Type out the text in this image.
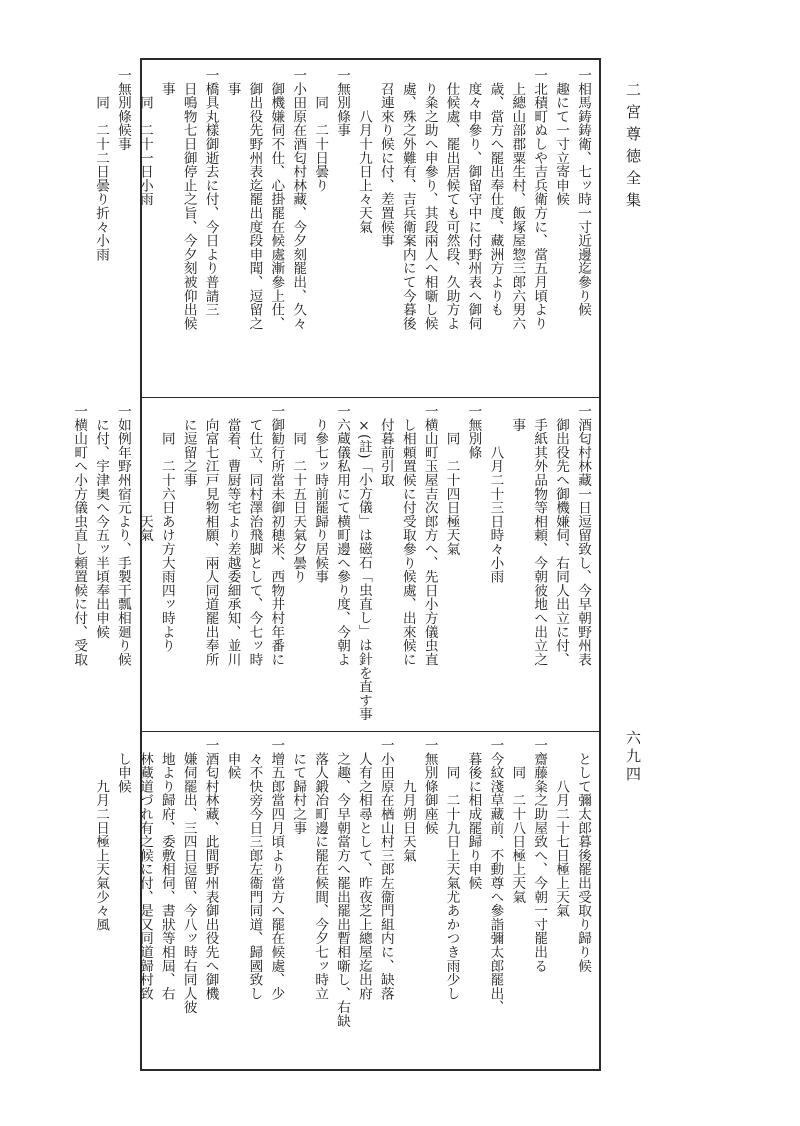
二宮尊徳全集
六九四
一相馬鋳鋳衛、七ッ時一寸近邊迄參り候
　趣にて一寸立寄申候
一北積町ぬしや吉兵衛方に、當五月頃より
　上總山部郡粟生村、飯塚屋惣三郎六男六
　歳、當方へ罷出奉仕度、藏洲方よりも
　度々申參り、御留守中に付野州表へ御伺
　仕候處、罷出居候ても可然段、久助方よ
　り粂之助へ申參り、其段兩人へ相噺し候
　處、殊之外難有、吉兵衛案内にて今暮後
　召連來り候に付、差置候事
　　　八月十九日上々天氣
一無別條事
　　同　二十日曇り
一小田原在酒匂村林藏、今夕刻罷出、久々
　御機嫌伺不仕、心掛罷在候處漸參上仕、
　御出役先野州表迄罷出度段申聞、逗留之
　事
一橋具丸樣御逝去に付、今日より普請三
　日鳴物七日御停止之旨、今夕刻被仰出候
　事
　　同　二十一日小雨
一無別條候事
　　同　二十二日曇り折々小雨
一酒匂村林藏一日逗留致し、今早朝野州表
　御出役先へ御機嫌伺、右同人出立に付、
　手紙其外品物等相頼、今朝彼地へ出立之
　事
　　　八月二十三日時々小雨
一無別條
　　同　二十四日極天氣
一横山町玉屋吉次郎方へ、先日小方儀虫直
　し相頼置候に付受取參り候處、出來候に
　付暮前引取
　×(註)「小方儀」は磁石「虫直し」は針を直す事
一六蔵儀私用にて横町邊へ參り度、今朝よ
　り參七ッ時前罷歸り居候事
　　同　二十五日天氣夕曇り
一御勧行所當未御初穂米、西物井村年番に
　て仕立、同村澤治飛脚として、今七ッ時
　當着、曹厨等宅より差越委細承知、並川
　向富七江戸見物相願、兩人同道罷出奉所
　に逗留之事
　　同　二十六日あけ方大雨四ッ時より
　　　　　　　　天氣
一如例年野州宿元より、手製干瓢相廻り候
　に付、宇津奥へ今五ッ半頃奉出申候
一横山町へ小方儀虫直し頼置候に付、受取
　として彌太郎暮後罷出受取り歸り候
　　　八月二十七日極上天氣
一齋藤粂之助屋致へ、今朝一寸罷出る
　　同　二十八日極上天氣
一今紋淺草藏前、不動尊へ參詣彌太郎罷出、
　暮後に相成罷歸り申候
　　同　二十九日上天氣尤あかつき雨少し
一無別條御座候
　　　九月朔日天氣
一小田原在楢山村三郎左衞門組内に、缺落
　人有之相尋として、昨夜芝上總屋迄出府
　之趣、今早朝當方へ罷出罷出暫相噺し、右缺
　落人鍛冶町邊に罷在候間、今夕七ッ時立
　にて歸村之事
一增五郎當四月頃より當方へ罷在候處、少
　々不快旁今日三郎左衞門同道、歸國致し
　申候
一酒匂村林藏、此間野州表御出役先へ御機
　嫌伺罷出、三四日逗留、今八ッ時右同人彼
　地より歸府、委敷相伺、書狀等相屆、右
　林藏道づれ有之候に付、是又同道歸村致
　し申候
　　　九月二日極上天氣少々風
